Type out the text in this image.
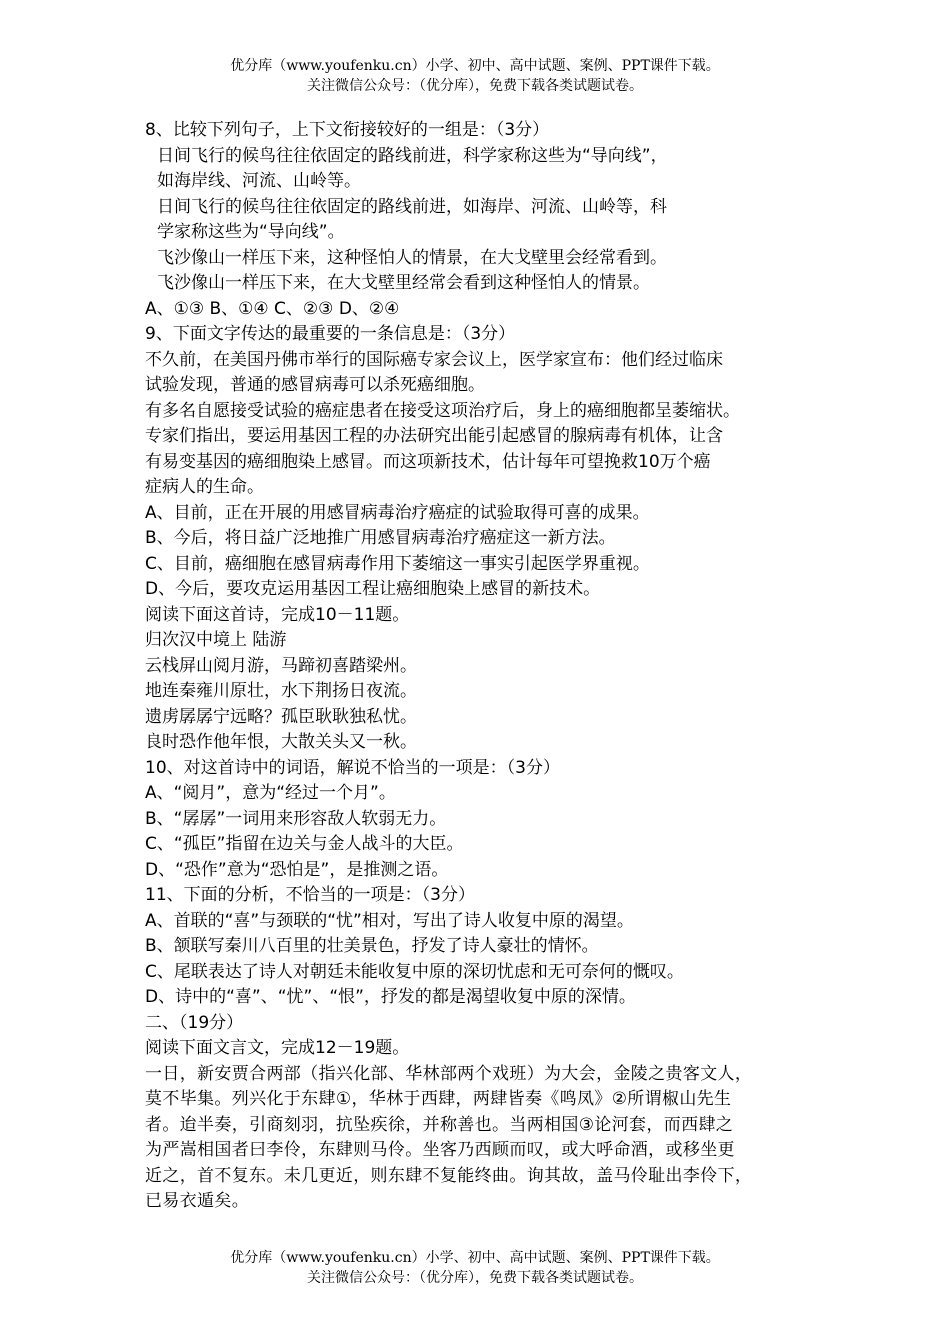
优分库（www.youfenku.cn）小学、初中、高中试题、案例、PPT课件下载。
关注微信公众号：（优分库），免费下载各类试题试卷。
8、比较下列句子，上下文衔接较好的一组是：（3分）
日间飞行的候鸟往往依固定的路线前进，科学家称这些为“导向线”，
如海岸线、河流、山岭等。
日间飞行的候鸟往往依固定的路线前进，如海岸、河流、山岭等，科
学家称这些为“导向线”。
飞沙像山一样压下来，这种怪怕人的情景，在大戈壁里会经常看到。
飞沙像山一样压下来，在大戈壁里经常会看到这种怪怕人的情景。
A、①③ B、①④ C、②③ D、②④
9、下面文字传达的最重要的一条信息是：（3分）
不久前，在美国丹佛市举行的国际癌专家会议上，医学家宣布：他们经过临床
试验发现，普通的感冒病毒可以杀死癌细胞。
有多名自愿接受试验的癌症患者在接受这项治疗后，身上的癌细胞都呈萎缩状。
专家们指出，要运用基因工程的办法研究出能引起感冒的腺病毒有机体，让含
有易变基因的癌细胞染上感冒。而这项新技术，估计每年可望挽救10万个癌
症病人的生命。
A、目前，正在开展的用感冒病毒治疗癌症的试验取得可喜的成果。
B、今后，将日益广泛地推广用感冒病毒治疗癌症这一新方法。
C、目前，癌细胞在感冒病毒作用下萎缩这一事实引起医学界重视。
D、今后，要攻克运用基因工程让癌细胞染上感冒的新技术。
阅读下面这首诗，完成10－11题。
归次汉中境上 陆游
云栈屏山阅月游，马蹄初喜踏梁州。
地连秦雍川原壮，水下荆扬日夜流。
遗虏孱孱宁远略？孤臣耿耿独私忧。
良时恐作他年恨，大散关头又一秋。
10、对这首诗中的词语，解说不恰当的一项是：（3分）
A、“阅月”，意为“经过一个月”。
B、“孱孱”一词用来形容敌人软弱无力。
C、“孤臣”指留在边关与金人战斗的大臣。
D、“恐作”意为“恐怕是”，是推测之语。
11、下面的分析，不恰当的一项是：（3分）
A、首联的“喜”与颈联的“忧”相对，写出了诗人收复中原的渴望。
B、颔联写秦川八百里的壮美景色，抒发了诗人豪壮的情怀。
C、尾联表达了诗人对朝廷未能收复中原的深切忧虑和无可奈何的慨叹。
D、诗中的“喜”、“忧”、“恨”，抒发的都是渴望收复中原的深情。
二、（19分）
阅读下面文言文，完成12－19题。
一日，新安贾合两部（指兴化部、华林部两个戏班）为大会，金陵之贵客文人，
莫不毕集。列兴化于东肆①，华林于西肆，两肆皆奏《鸣凤》②所谓椒山先生
者。迨半奏，引商刻羽，抗坠疾徐，并称善也。当两相国③论河套，而西肆之
为严嵩相国者曰李伶，东肆则马伶。坐客乃西顾而叹，或大呼命酒，或移坐更
近之，首不复东。未几更近，则东肆不复能终曲。询其故，盖马伶耻出李伶下，
已易衣遁矣。
优分库（www.youfenku.cn）小学、初中、高中试题、案例、PPT课件下载。
关注微信公众号：（优分库），免费下载各类试题试卷。
